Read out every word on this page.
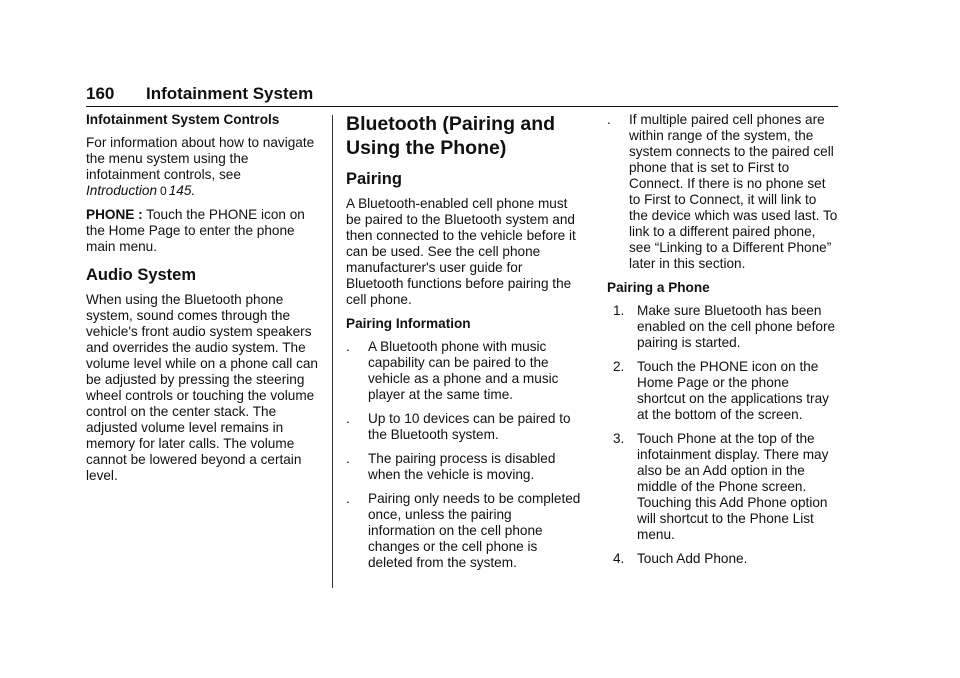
160 Infotainment System

Infotainment System Controls

For information about how to navigate the menu system using the infotainment controls, see Introduction 0 145.

PHONE : Touch the PHONE icon on the Home Page to enter the phone main menu.

Audio System

When using the Bluetooth phone system, sound comes through the vehicle's front audio system speakers and overrides the audio system. The volume level while on a phone call can be adjusted by pressing the steering wheel controls or touching the volume control on the center stack. The adjusted volume level remains in memory for later calls. The volume cannot be lowered beyond a certain level.

Bluetooth (Pairing and Using the Phone)
Pairing

A Bluetooth-enabled cell phone must be paired to the Bluetooth system and then connected to the vehicle before it can be used. See the cell phone manufacturer's user guide for Bluetooth functions before pairing the cell phone.

Pairing Information

.	A Bluetooth phone with music capability can be paired to the vehicle as a phone and a music player at the same time.
.	Up to 10 devices can be paired to the Bluetooth system.
.	The pairing process is disabled when the vehicle is moving.
.	Pairing only needs to be completed once, unless the pairing information on the cell phone changes or the cell phone is deleted from the system.
.	If multiple paired cell phones are within range of the system, the system connects to the paired cell phone that is set to First to Connect. If there is no phone set to First to Connect, it will link to the device which was used last. To link to a different paired phone, see “Linking to a Different Phone” later in this section.

Pairing a Phone

1. Make sure Bluetooth has been enabled on the cell phone before pairing is started.
2. Touch the PHONE icon on the Home Page or the phone shortcut on the applications tray at the bottom of the screen.
3. Touch Phone at the top of the infotainment display. There may also be an Add option in the middle of the Phone screen. Touching this Add Phone option will shortcut to the Phone List menu.
4. Touch Add Phone.
